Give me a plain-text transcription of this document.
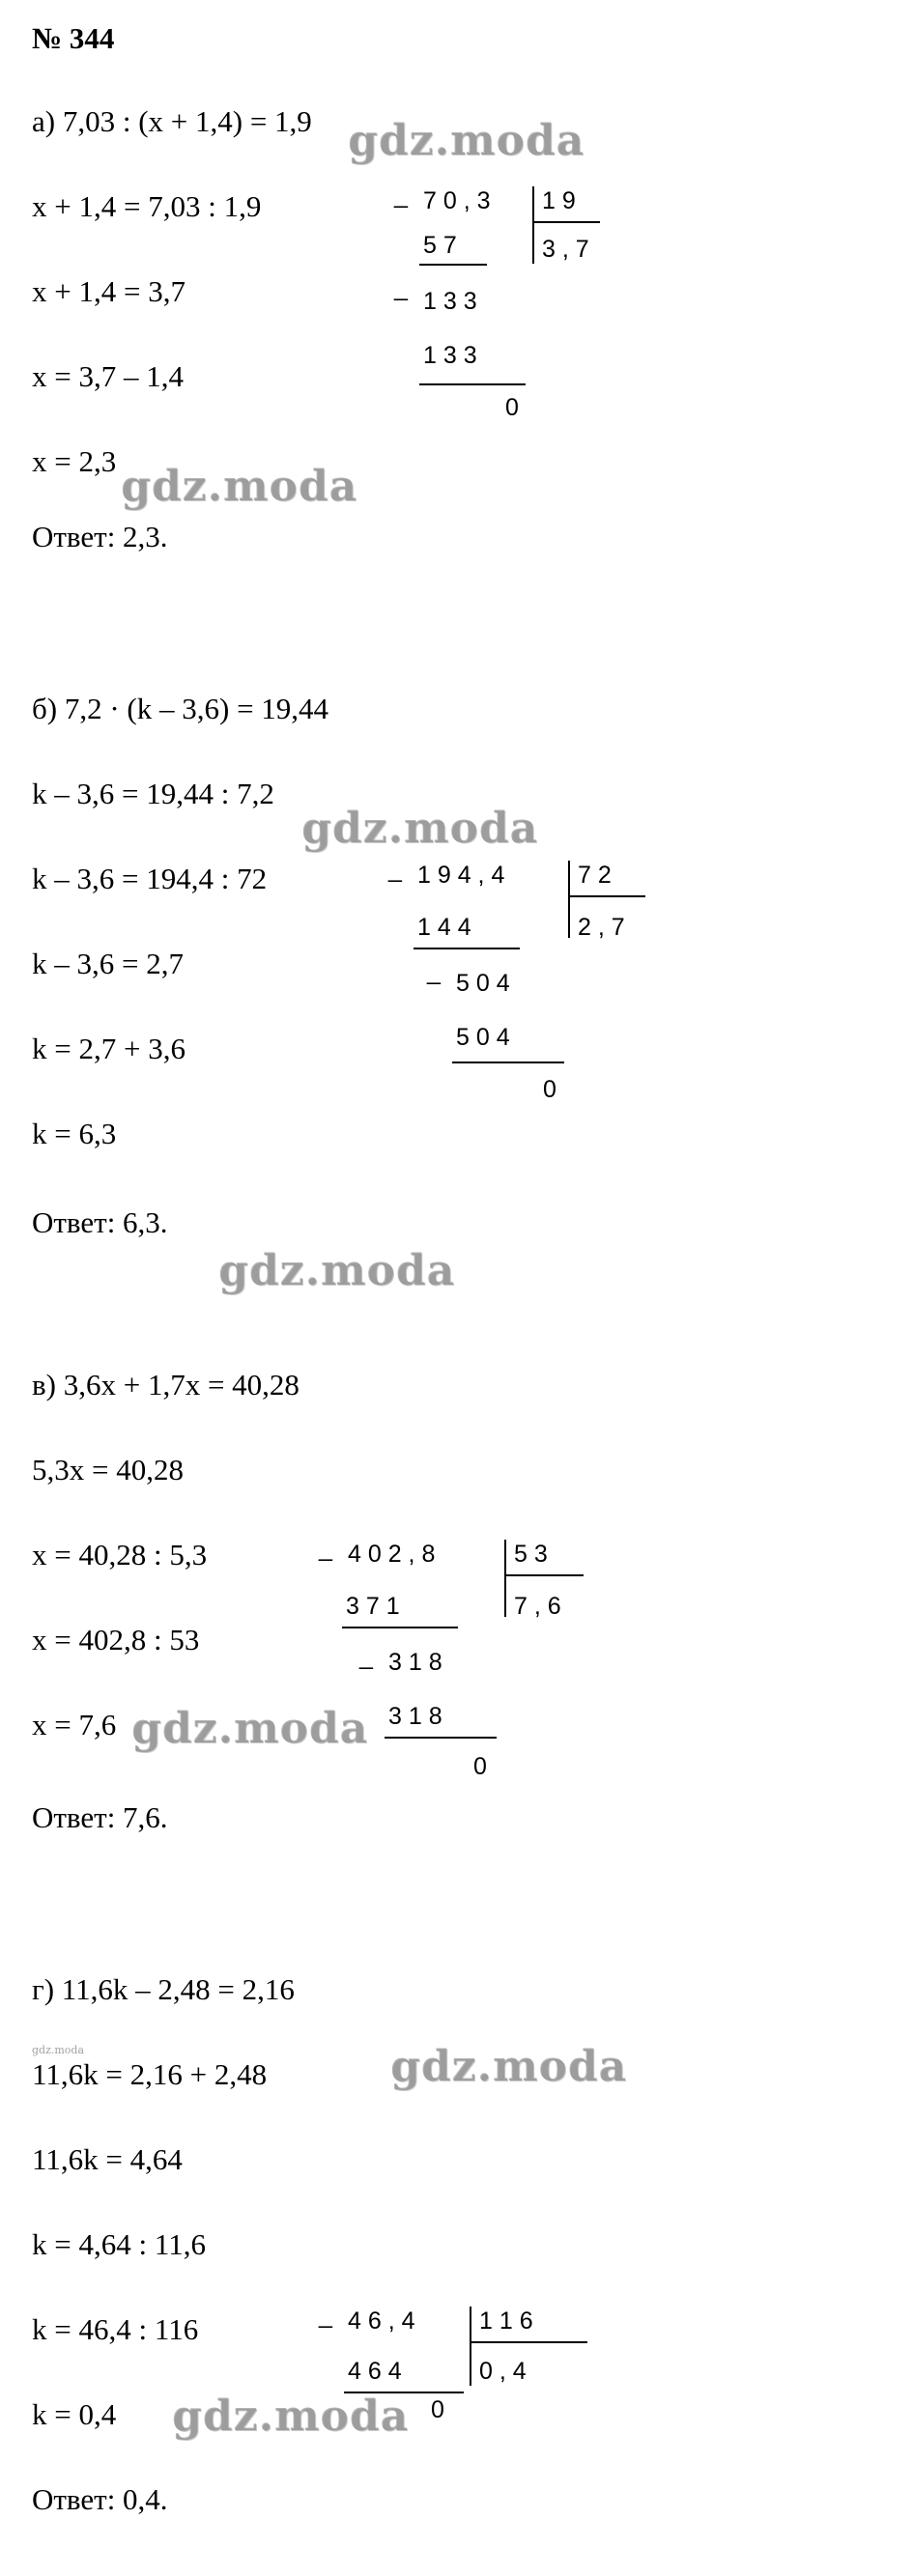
№ 344
а) 7,03 : (x + 1,4) = 1,9
x + 1,4 = 7,03 : 1,9
x + 1,4 = 3,7
x = 3,7 – 1,4
x = 2,3
Ответ: 2,3.
_ 7 0 , 3 1 9
3 , 7
5 7
_ 1 3 3
1 3 3
0
б) 7,2 · (k – 3,6) = 19,44
k – 3,6 = 19,44 : 7,2
k – 3,6 = 194,4 : 72
k – 3,6 = 2,7
k = 2,7 + 3,6
k = 6,3
Ответ: 6,3.
_ 1 9 4 , 4	7 2
2 , 7
1 4 4
_ 5 0 4
5 0 4
0
в) 3,6x + 1,7x = 40,28
5,3x = 40,28
x = 40,28 : 5,3
x = 402,8 : 53
x = 7,6
Ответ: 7,6.
_ 4 0 2 , 8	5 3
7 , 6
3 7 1
_ 3 1 8
3 1 8
0
г) 11,6k – 2,48 = 2,16
11,6k = 2,16 + 2,48
11,6k = 4,64
k = 4,64 : 11,6
k = 46,4 : 116
k = 0,4
Ответ: 0,4.
_ 4 6 , 4	1 1 6
0 , 4
4 6 4
0
gdz.moda
gdz.moda
gdz.moda
gdz.moda
gdz.moda
gdz.moda
gdz.moda
gdz.moda
